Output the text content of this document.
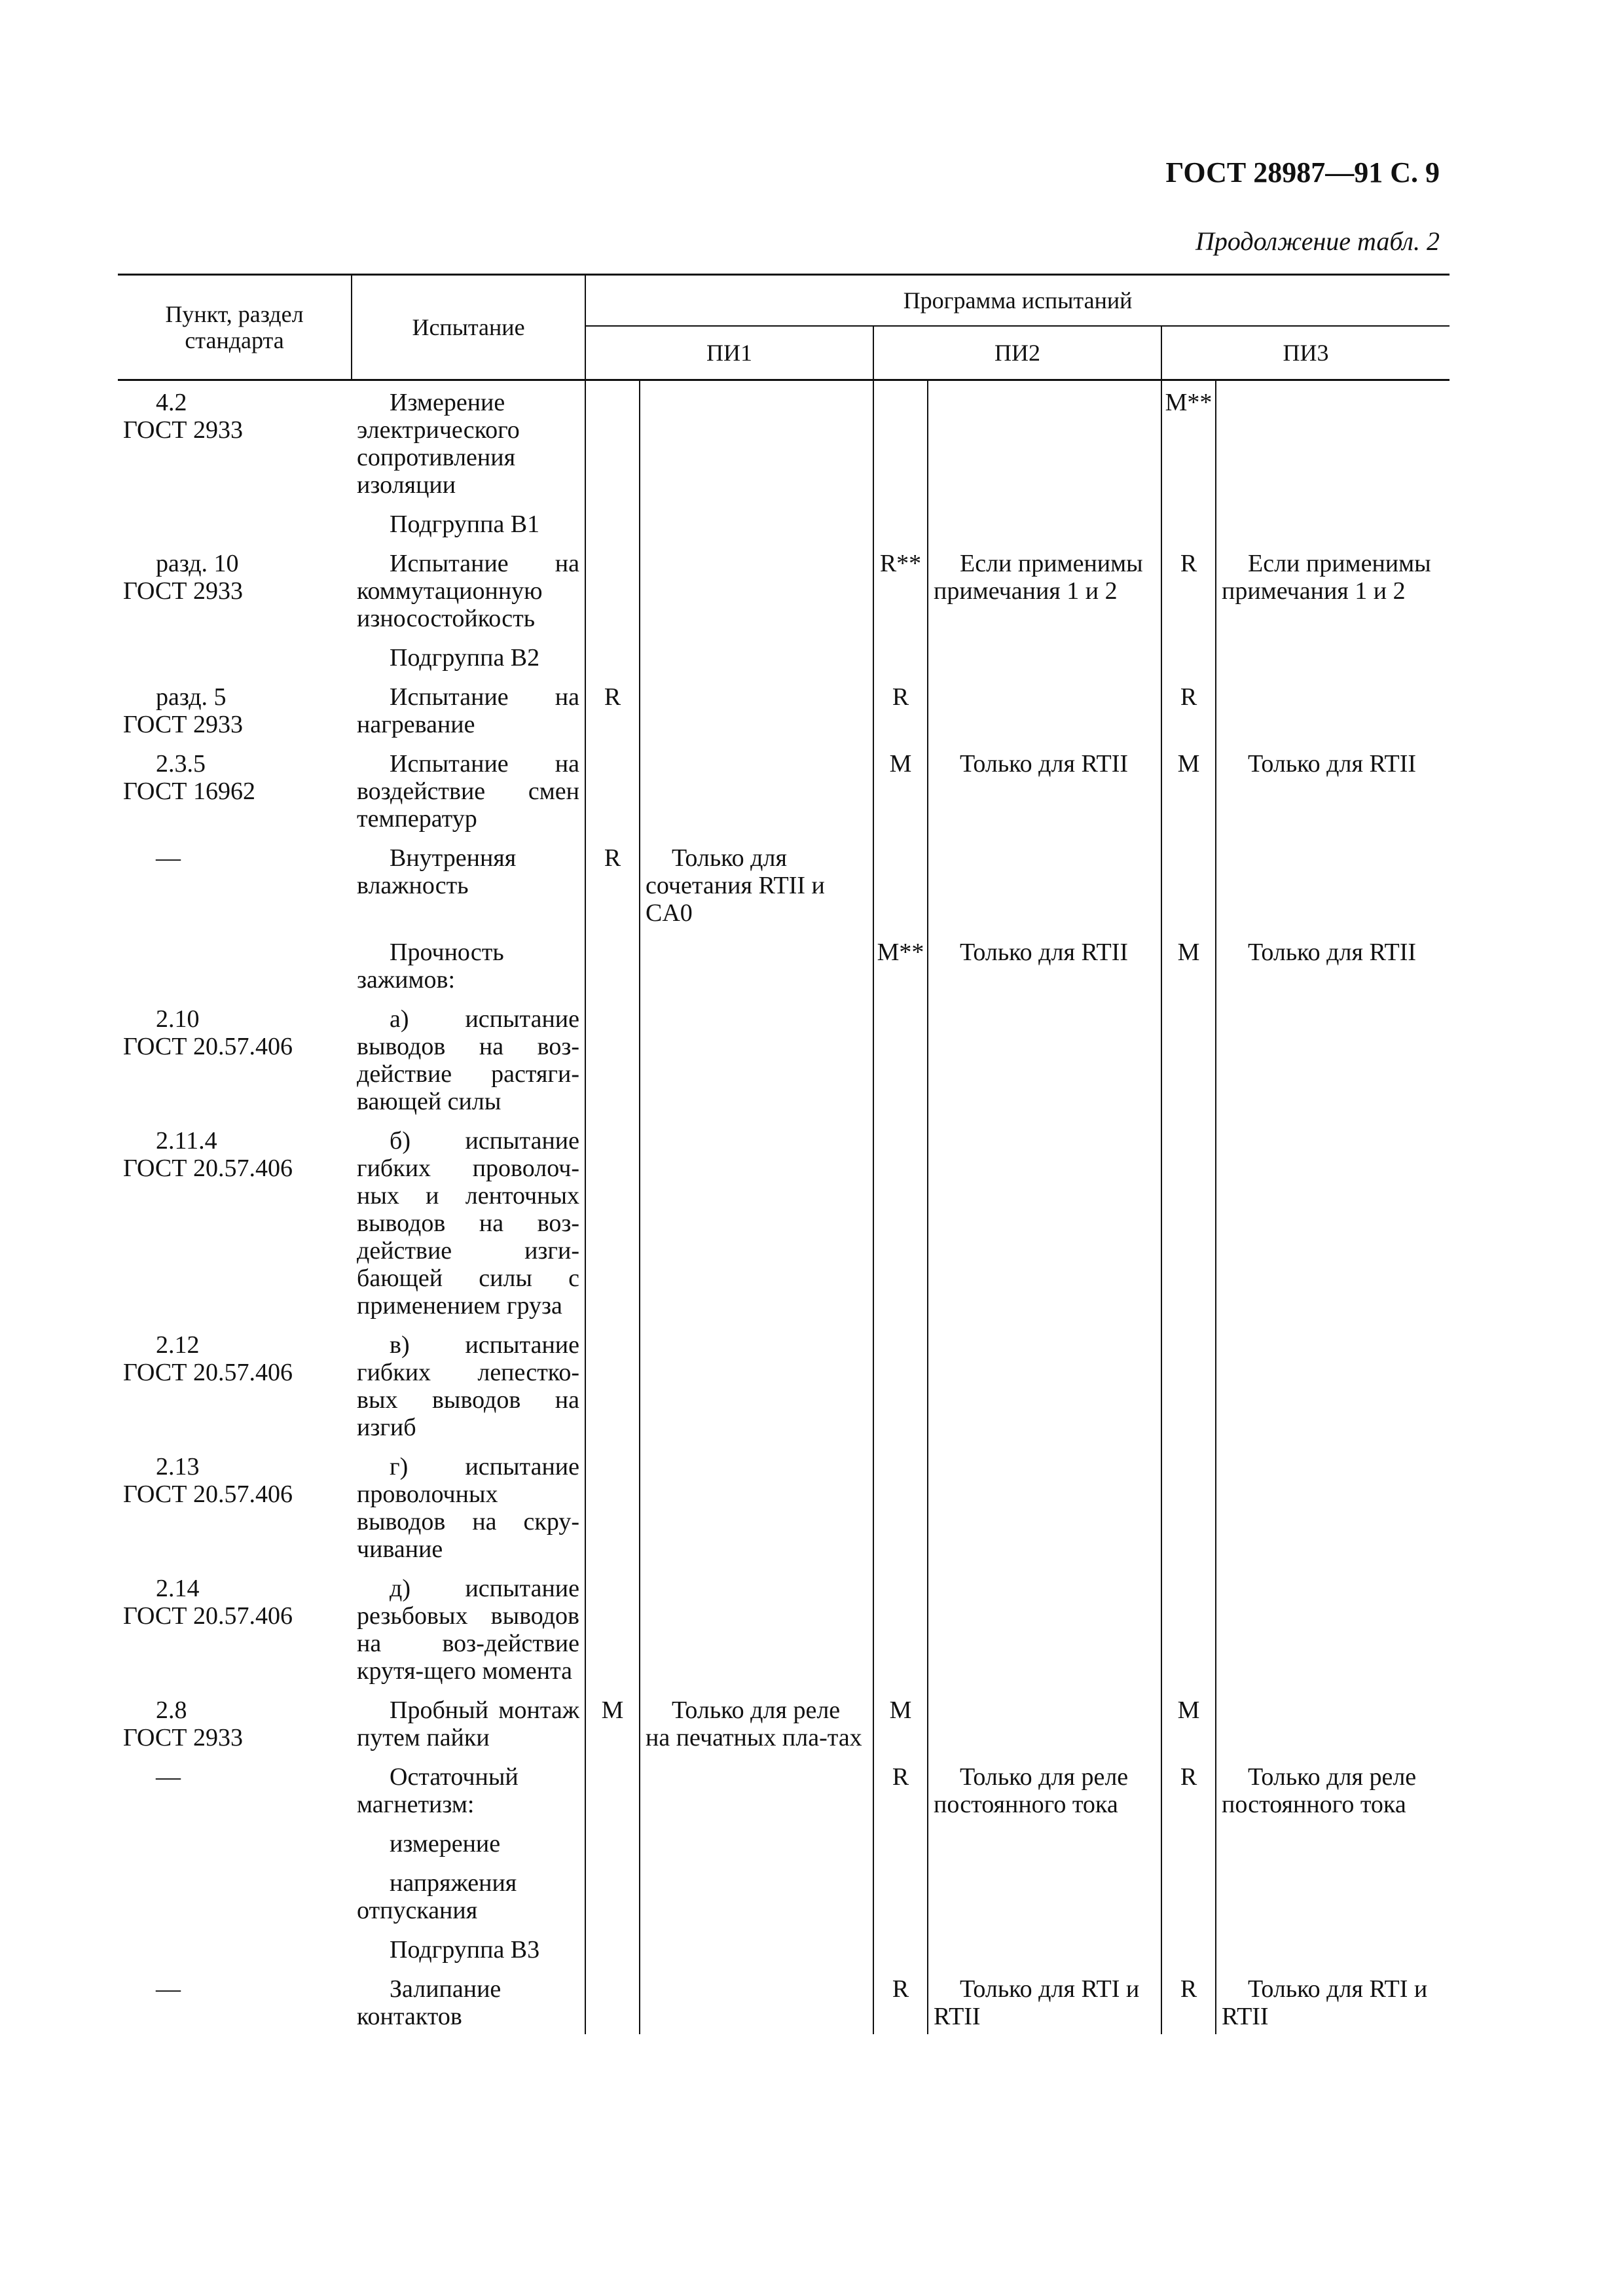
ГОСТ 28987—91 С. 9
Продолжение табл. 2
Пункт, раздел стандарта	Испытание	Программа испытаний					
		ПИ1		ПИ2		ПИ3	

4.2
ГОСТ 2933	Измерение электрического сопротивления изоляции					M**	

	Подгруппа B1						

разд. 10
ГОСТ 2933	Испытание на коммутационную износостойкость			R**	Если применимы примечания 1 и 2	R	Если применимы примечания 1 и 2

	Подгруппа B2						

разд. 5
ГОСТ 2933	Испытание на нагревание	R		R		R	

2.3.5
ГОСТ 16962	Испытание на воздействие смен температур			M	Только для RTII	M	Только для RTII

—	Внутренняя влажность	R	Только для сочетания RTII и CA0				

	Прочность зажимов:			M**	Только для RTII	M	Только для RTII

2.10
ГОСТ 20.57.406	а) испытание выводов на воз-действие растяги-вающей силы						

2.11.4
ГОСТ 20.57.406	б) испытание гибких проволоч-ных и ленточных выводов на воз-действие изги-бающей силы с применением груза						

2.12
ГОСТ 20.57.406	в) испытание гибких лепестко-вых выводов на изгиб						

2.13
ГОСТ 20.57.406	г) испытание проволочных выводов на скру-чивание						

2.14
ГОСТ 20.57.406	д) испытание резьбовых выводов на воз-действие крутя-щего момента						

2.8
ГОСТ 2933	Пробный монтаж путем пайки	M	Только для реле на печатных пла-тах	M		M	

—	Остаточный магнетизм:			R	Только для реле постоянного тока	R	Только для реле постоянного тока

	измерение						

	напряжения отпускания						

	Подгруппа B3						

—	Залипание контактов			R	Только для RTI и RTII	R	Только для RTI и RTII
